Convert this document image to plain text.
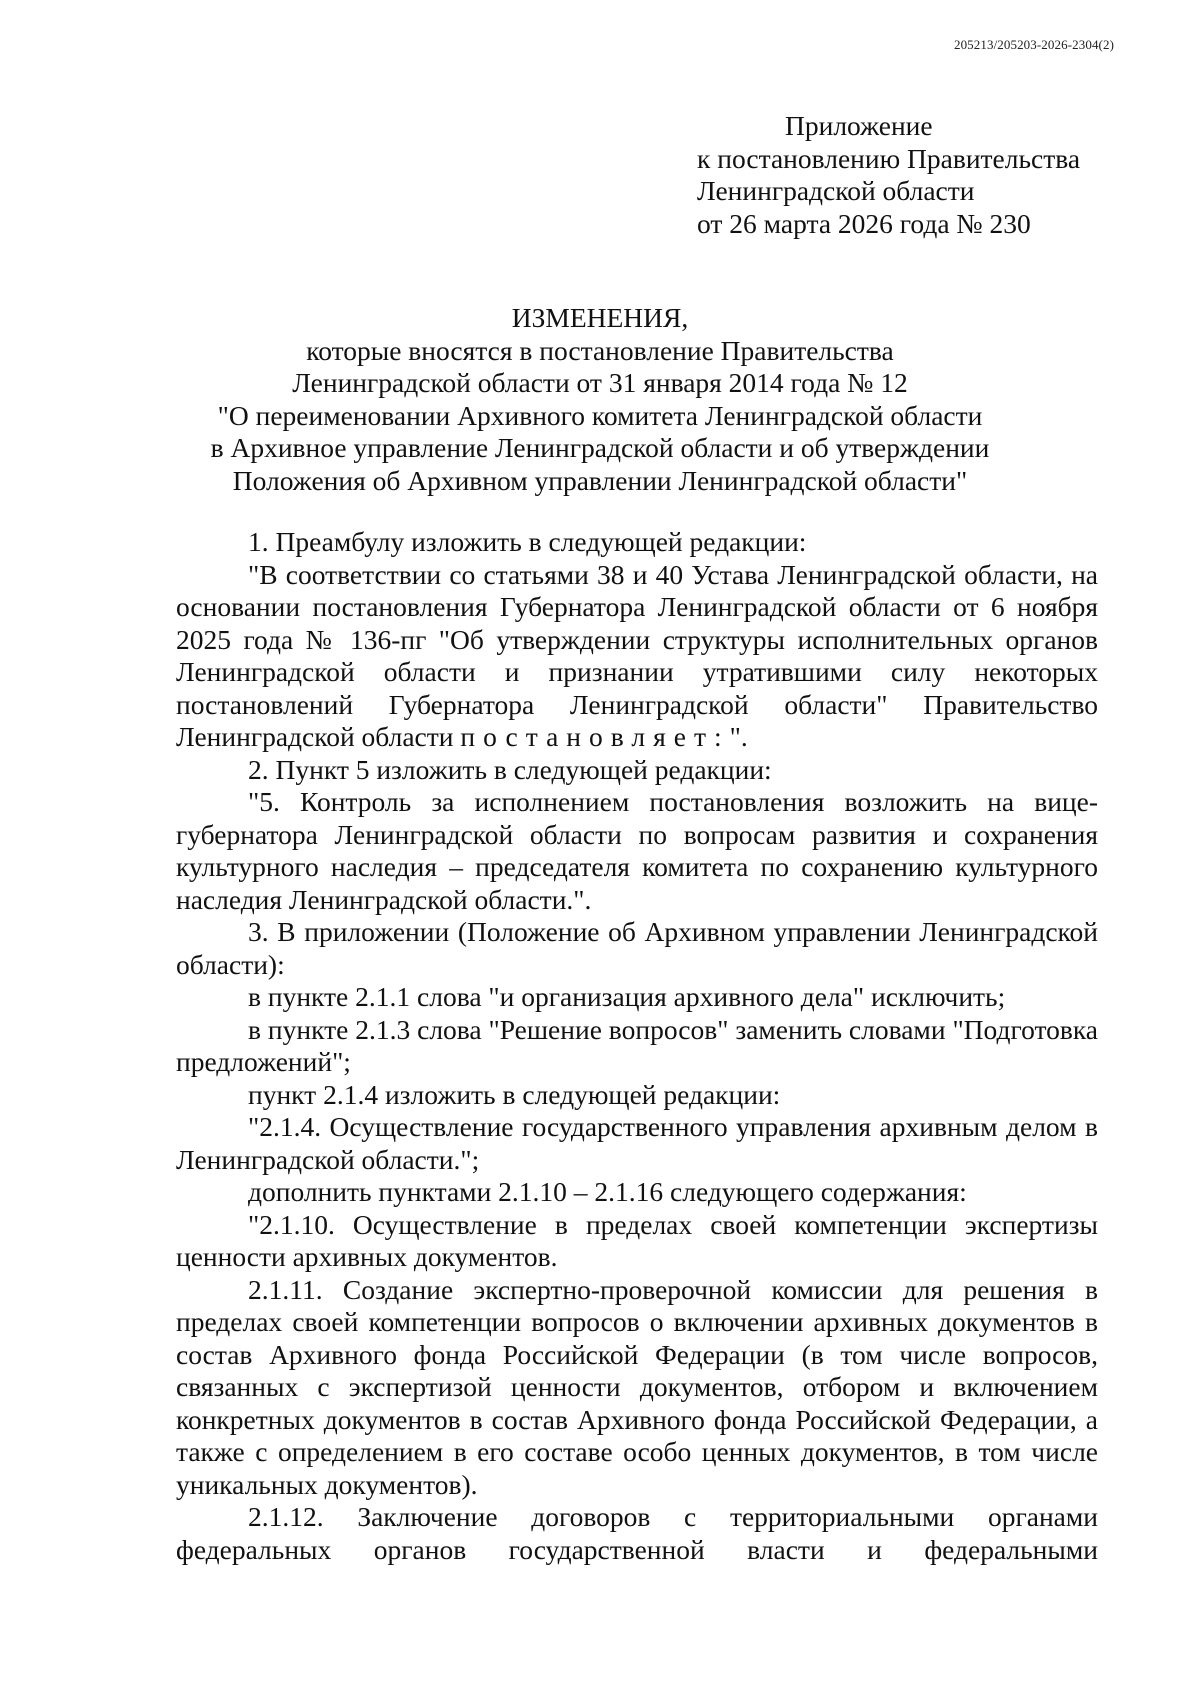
205213/205203-2026-2304(2)
Приложение
к постановлению Правительства
Ленинградской области
от 26 марта 2026 года № 230
ИЗМЕНЕНИЯ,
которые вносятся в постановление Правительства
Ленинградской области от 31 января 2014 года № 12
"О переименовании Архивного комитета Ленинградской области
в Архивное управление Ленинградской области и об утверждении
Положения об Архивном управлении Ленинградской области"

1. Преамбулу изложить в следующей редакции:

"В соответствии со статьями 38 и 40 Устава Ленинградской области, на основании постановления Губернатора Ленинградской области от 6 ноября 2025 года № 136-пг "Об утверждении структуры исполнительных органов Ленинградской области и признании утратившими силу некоторых постановлений Губернатора Ленинградской области" Правительство Ленинградской области постановляет:".

2. Пункт 5 изложить в следующей редакции:

"5. Контроль за исполнением постановления возложить на вице-губернатора Ленинградской области по вопросам развития и сохранения культурного наследия – председателя комитета по сохранению культурного наследия Ленинградской области.".

3. В приложении (Положение об Архивном управлении Ленинградской области):

в пункте 2.1.1 слова "и организация архивного дела" исключить;

в пункте 2.1.3 слова "Решение вопросов" заменить словами "Подготовка предложений";

пункт 2.1.4 изложить в следующей редакции:

"2.1.4. Осуществление государственного управления архивным делом в Ленинградской области.";

дополнить пунктами 2.1.10 – 2.1.16 следующего содержания:

"2.1.10. Осуществление в пределах своей компетенции экспертизы ценности архивных документов.

2.1.11. Создание экспертно-проверочной комиссии для решения в пределах своей компетенции вопросов о включении архивных документов в состав Архивного фонда Российской Федерации (в том числе вопросов, связанных с экспертизой ценности документов, отбором и включением конкретных документов в состав Архивного фонда Российской Федерации, а также с определением в его составе особо ценных документов, в том числе уникальных документов).

2.1.12. Заключение договоров с территориальными органами федеральных органов государственной власти и федеральными
